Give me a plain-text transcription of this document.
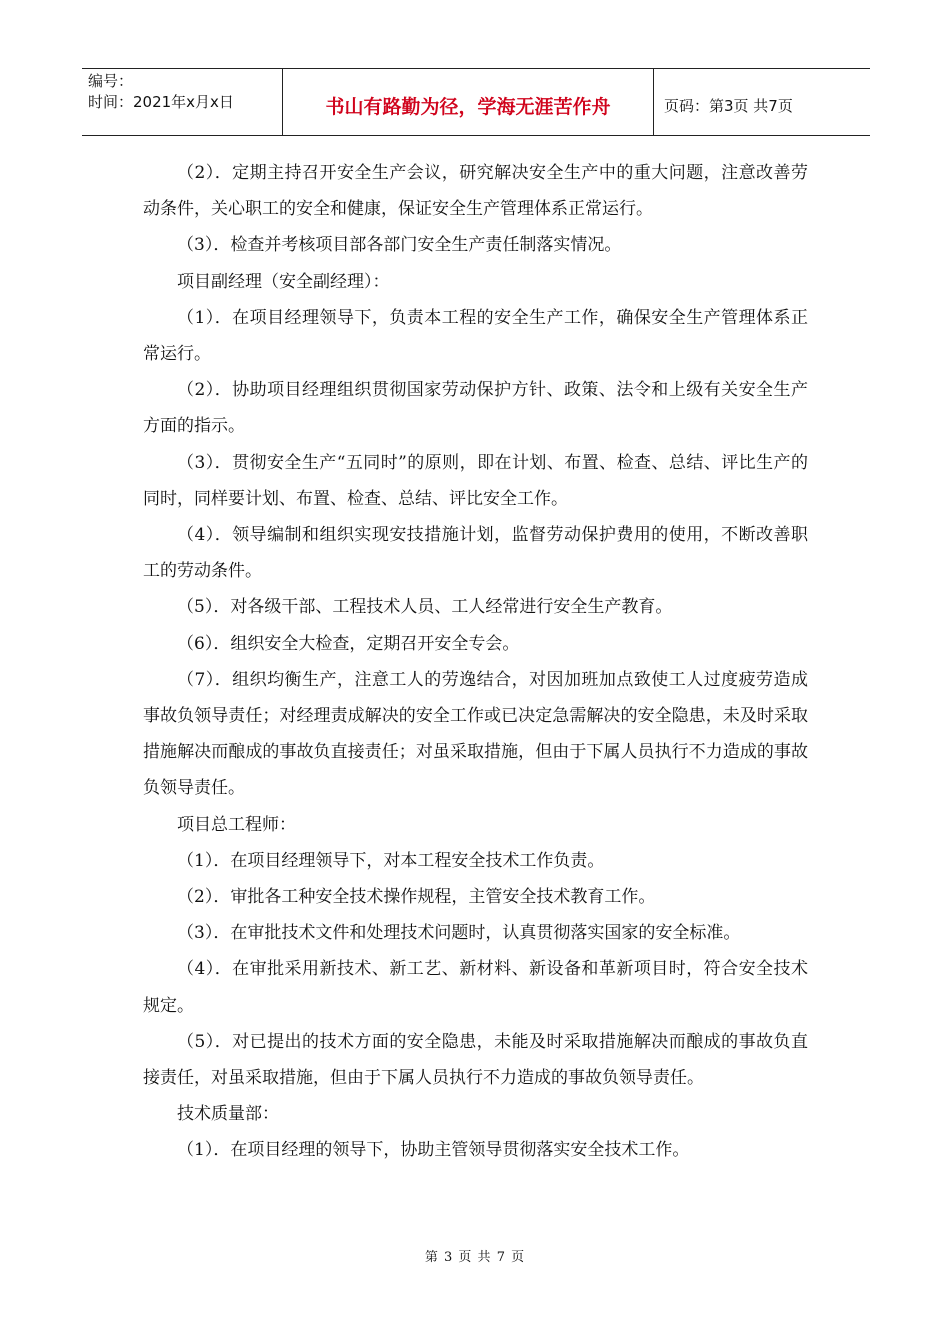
编号：
时间：2021年x月x日	书山有路勤为径，学海无涯苦作舟	页码：第3页 共7页

（2）．定期主持召开安全生产会议，研究解决安全生产中的重大问题，注意改善劳动条件，关心职工的安全和健康，保证安全生产管理体系正常运行。

（3）．检查并考核项目部各部门安全生产责任制落实情况。

项目副经理（安全副经理）：

（1）．在项目经理领导下，负责本工程的安全生产工作，确保安全生产管理体系正常运行。

（2）．协助项目经理组织贯彻国家劳动保护方针、政策、法令和上级有关安全生产方面的指示。

（3）．贯彻安全生产“五同时”的原则，即在计划、布置、检查、总结、评比生产的同时，同样要计划、布置、检查、总结、评比安全工作。

（4）．领导编制和组织实现安技措施计划，监督劳动保护费用的使用，不断改善职工的劳动条件。

（5）．对各级干部、工程技术人员、工人经常进行安全生产教育。

（6）．组织安全大检查，定期召开安全专会。

（7）．组织均衡生产，注意工人的劳逸结合，对因加班加点致使工人过度疲劳造成事故负领导责任；对经理责成解决的安全工作或已决定急需解决的安全隐患，未及时采取措施解决而酿成的事故负直接责任；对虽采取措施，但由于下属人员执行不力造成的事故负领导责任。

项目总工程师：

（1）．在项目经理领导下，对本工程安全技术工作负责。

（2）．审批各工种安全技术操作规程，主管安全技术教育工作。

（3）．在审批技术文件和处理技术问题时，认真贯彻落实国家的安全标准。

（4）．在审批采用新技术、新工艺、新材料、新设备和革新项目时，符合安全技术规定。

（5）．对已提出的技术方面的安全隐患，未能及时采取措施解决而酿成的事故负直接责任，对虽采取措施，但由于下属人员执行不力造成的事故负领导责任。

技术质量部：

（1）．在项目经理的领导下，协助主管领导贯彻落实安全技术工作。

第 3 页 共 7 页
